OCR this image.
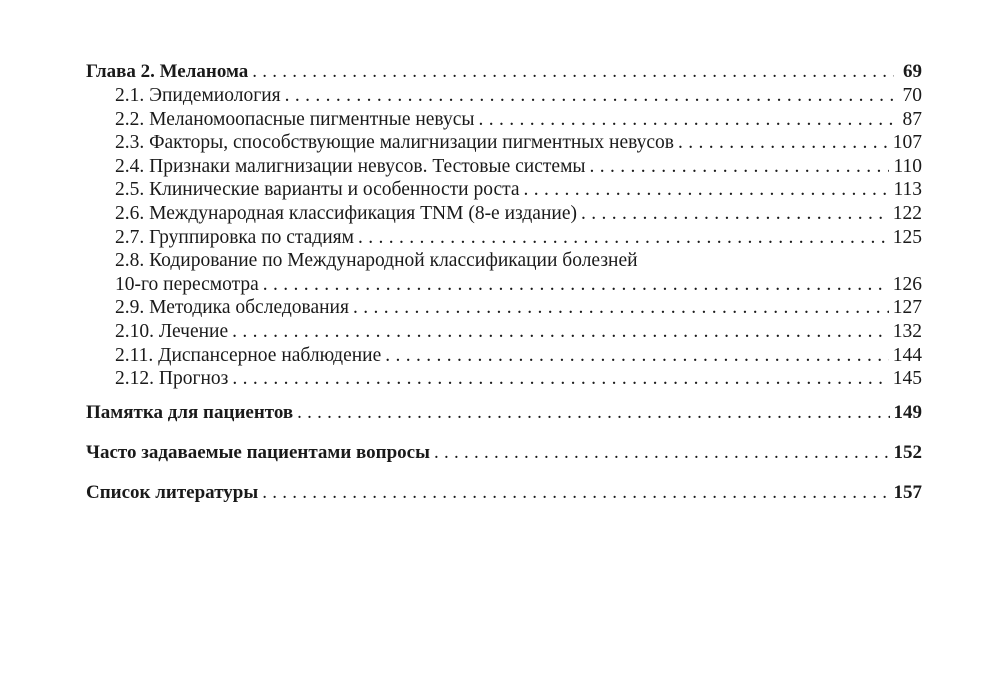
Глава 2. Меланома . . .	69
2.1. Эпидемиология . . .	70
2.2. Меланомоопасные пигментные невусы . . .	87
2.3. Факторы, способствующие малигнизации пигментных невусов . . .	107
2.4. Признаки малигнизации невусов. Тестовые системы . . .	110
2.5. Клинические варианты и особенности роста . . .	113
2.6. Международная классификация TNM (8-е издание) . . .	122
2.7. Группировка по стадиям . . .	125
2.8. Кодирование по Международной классификации болезней
10-го пересмотра . . .	126
2.9. Методика обследования . . .	127
2.10. Лечение . . .	132
2.11. Диспансерное наблюдение . . .	144
2.12. Прогноз . . .	145
Памятка для пациентов . . .	149
Часто задаваемые пациентами вопросы . . .	152
Список литературы . . .	157
